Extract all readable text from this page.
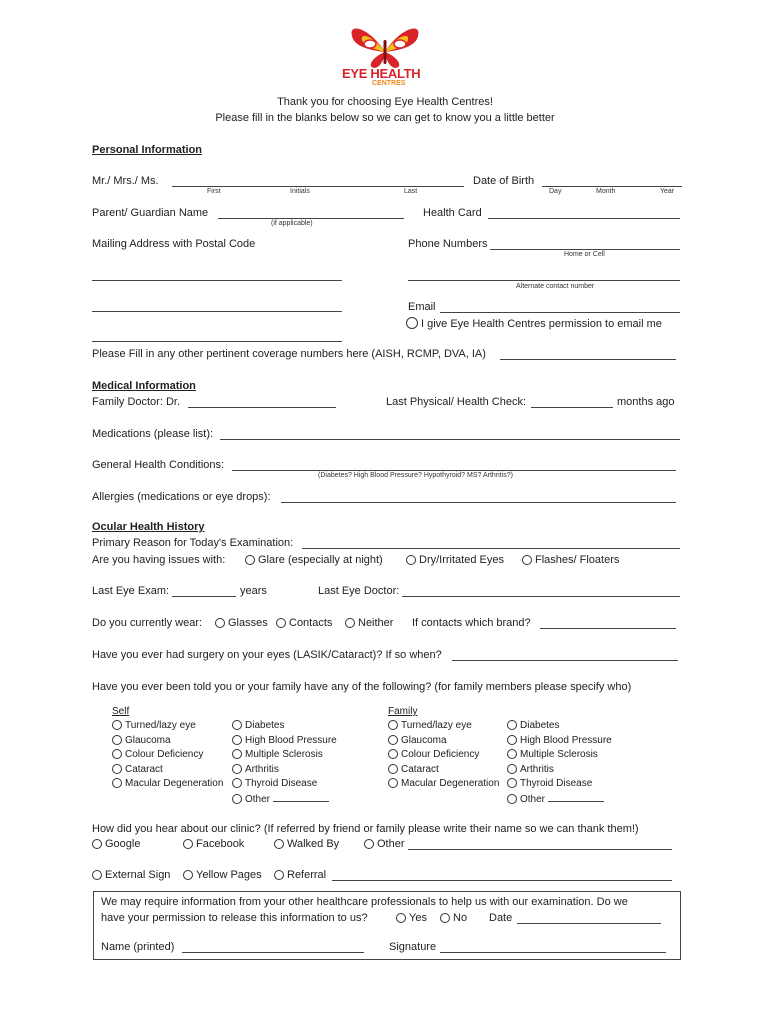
EYE HEALTH
CENTRES
Thank you for choosing Eye Health Centres!
Please fill in the blanks below so we can get to know you a little better
Personal Information
Mr./ Mrs./ Ms.
First	Initials	Last
Date of Birth
Day	Month	Year
Parent/ Guardian Name
(if applicable)
Health Card
Mailing Address with Postal Code	Phone Numbers
Home or Cell
Alternate contact number
Email
I give Eye Health Centres permission to email me
Please Fill in any other pertinent coverage numbers here (AISH, RCMP, DVA, IA)
Medical Information
Family Doctor: Dr.	Last Physical/ Health Check:	months ago
Medications (please list):
General Health Conditions:
(Diabetes? High Blood Pressure? Hypothyroid? MS? Arthritis?)
Allergies (medications or eye drops):
Ocular Health History
Primary Reason for Today's Examination:
Are you having issues with:	Glare (especially at night)	Dry/Irritated Eyes	Flashes/ Floaters
Last Eye Exam:	years	Last Eye Doctor:
Do you currently wear:	Glasses	Contacts	Neither If contacts which brand?
Have you ever had surgery on your eyes (LASIK/Cataract)? If so when?
Have you ever been told you or your family have any of the following? (for family members please specify who)
Self
Turned/lazy eye
Glaucoma
Colour Deficiency
Cataract
Macular Degeneration
Diabetes
High Blood Pressure
Multiple Sclerosis
Arthritis
Thyroid Disease
Other
Family
Turned/lazy eye
Glaucoma
Colour Deficiency
Cataract
Macular Degeneration
Diabetes
High Blood Pressure
Multiple Sclerosis
Arthritis
Thyroid Disease
Other
How did you hear about our clinic? (If referred by friend or family please write their name so we can thank them!)
Google	Facebook	Walked By	Other
External Sign	Yellow Pages	Referral
We may require information from your other healthcare professionals to help us with our examination. Do we
have your permission to release this information to us?	Yes	No Date
Name (printed)	Signature
